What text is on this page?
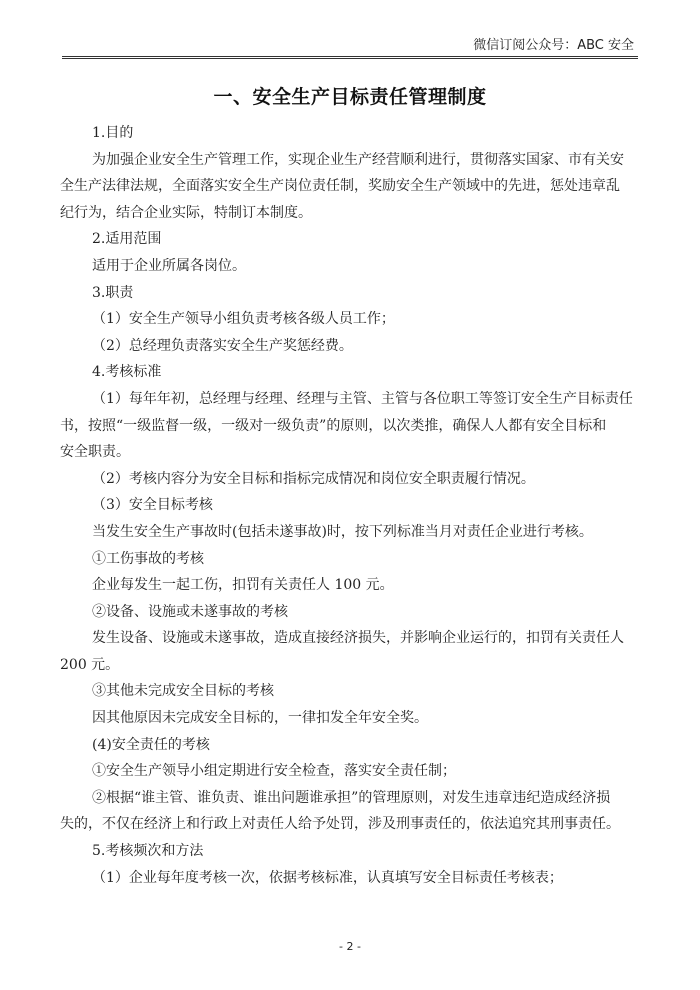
微信订阅公众号：ABC 安全
一、安全生产目标责任管理制度
1.目的
为加强企业安全生产管理工作，实现企业生产经营顺利进行，贯彻落实国家、市有关安
全生产法律法规，全面落实安全生产岗位责任制，奖励安全生产领域中的先进，惩处违章乱
纪行为，结合企业实际，特制订本制度。
2.适用范围
适用于企业所属各岗位。
3.职责
（1）安全生产领导小组负责考核各级人员工作；
（2）总经理负责落实安全生产奖惩经费。
4.考核标准
（1）每年年初，总经理与经理、经理与主管、主管与各位职工等签订安全生产目标责任
书，按照“一级监督一级，一级对一级负责”的原则，以次类推，确保人人都有安全目标和
安全职责。
（2）考核内容分为安全目标和指标完成情况和岗位安全职责履行情况。
（3）安全目标考核
当发生安全生产事故时(包括未遂事故)时，按下列标准当月对责任企业进行考核。
①工伤事故的考核
企业每发生一起工伤，扣罚有关责任人 100 元。
②设备、设施或未遂事故的考核
发生设备、设施或未遂事故，造成直接经济损失，并影响企业运行的，扣罚有关责任人
200 元。
③其他未完成安全目标的考核
因其他原因未完成安全目标的，一律扣发全年安全奖。
(4)安全责任的考核
①安全生产领导小组定期进行安全检查，落实安全责任制；
②根据“谁主管、谁负责、谁出问题谁承担”的管理原则，对发生违章违纪造成经济损
失的，不仅在经济上和行政上对责任人给予处罚，涉及刑事责任的，依法追究其刑事责任。
5.考核频次和方法
（1）企业每年度考核一次，依据考核标准，认真填写安全目标责任考核表；
- 2 -
